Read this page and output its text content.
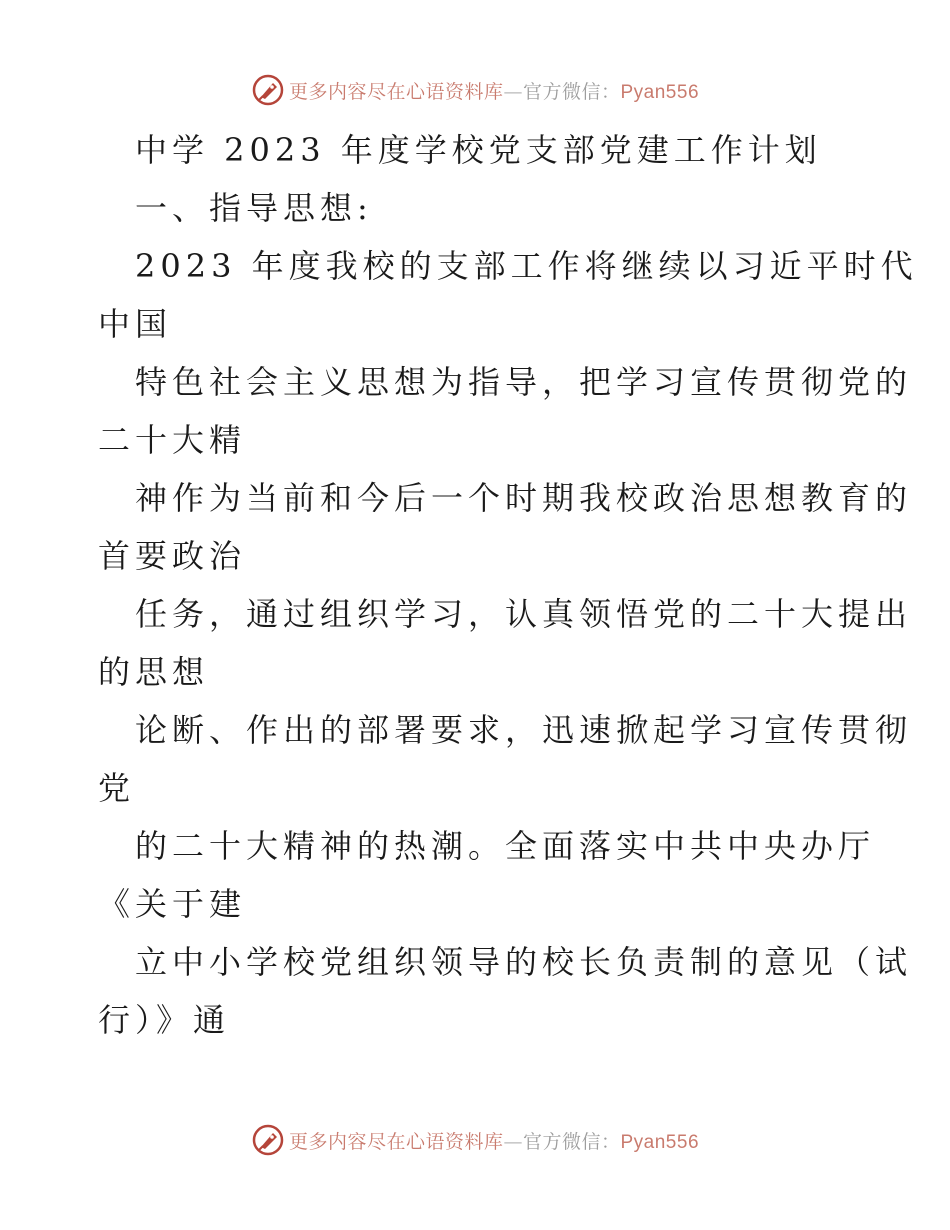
更多内容尽在心语资料库—官方微信：Pyan556
中学 2023 年度学校党支部党建工作计划
一、指导思想:
2023 年度我校的支部工作将继续以习近平时代
中国
特色社会主义思想为指导，把学习宣传贯彻党的
二十大精
神作为当前和今后一个时期我校政治思想教育的
首要政治
任务，通过组织学习，认真领悟党的二十大提出
的思想
论断、作出的部署要求，迅速掀起学习宣传贯彻
党
的二十大精神的热潮。全面落实中共中央办厅
《关于建
立中小学校党组织领导的校长负责制的意见（试
行）》通
更多内容尽在心语资料库—官方微信：Pyan556
